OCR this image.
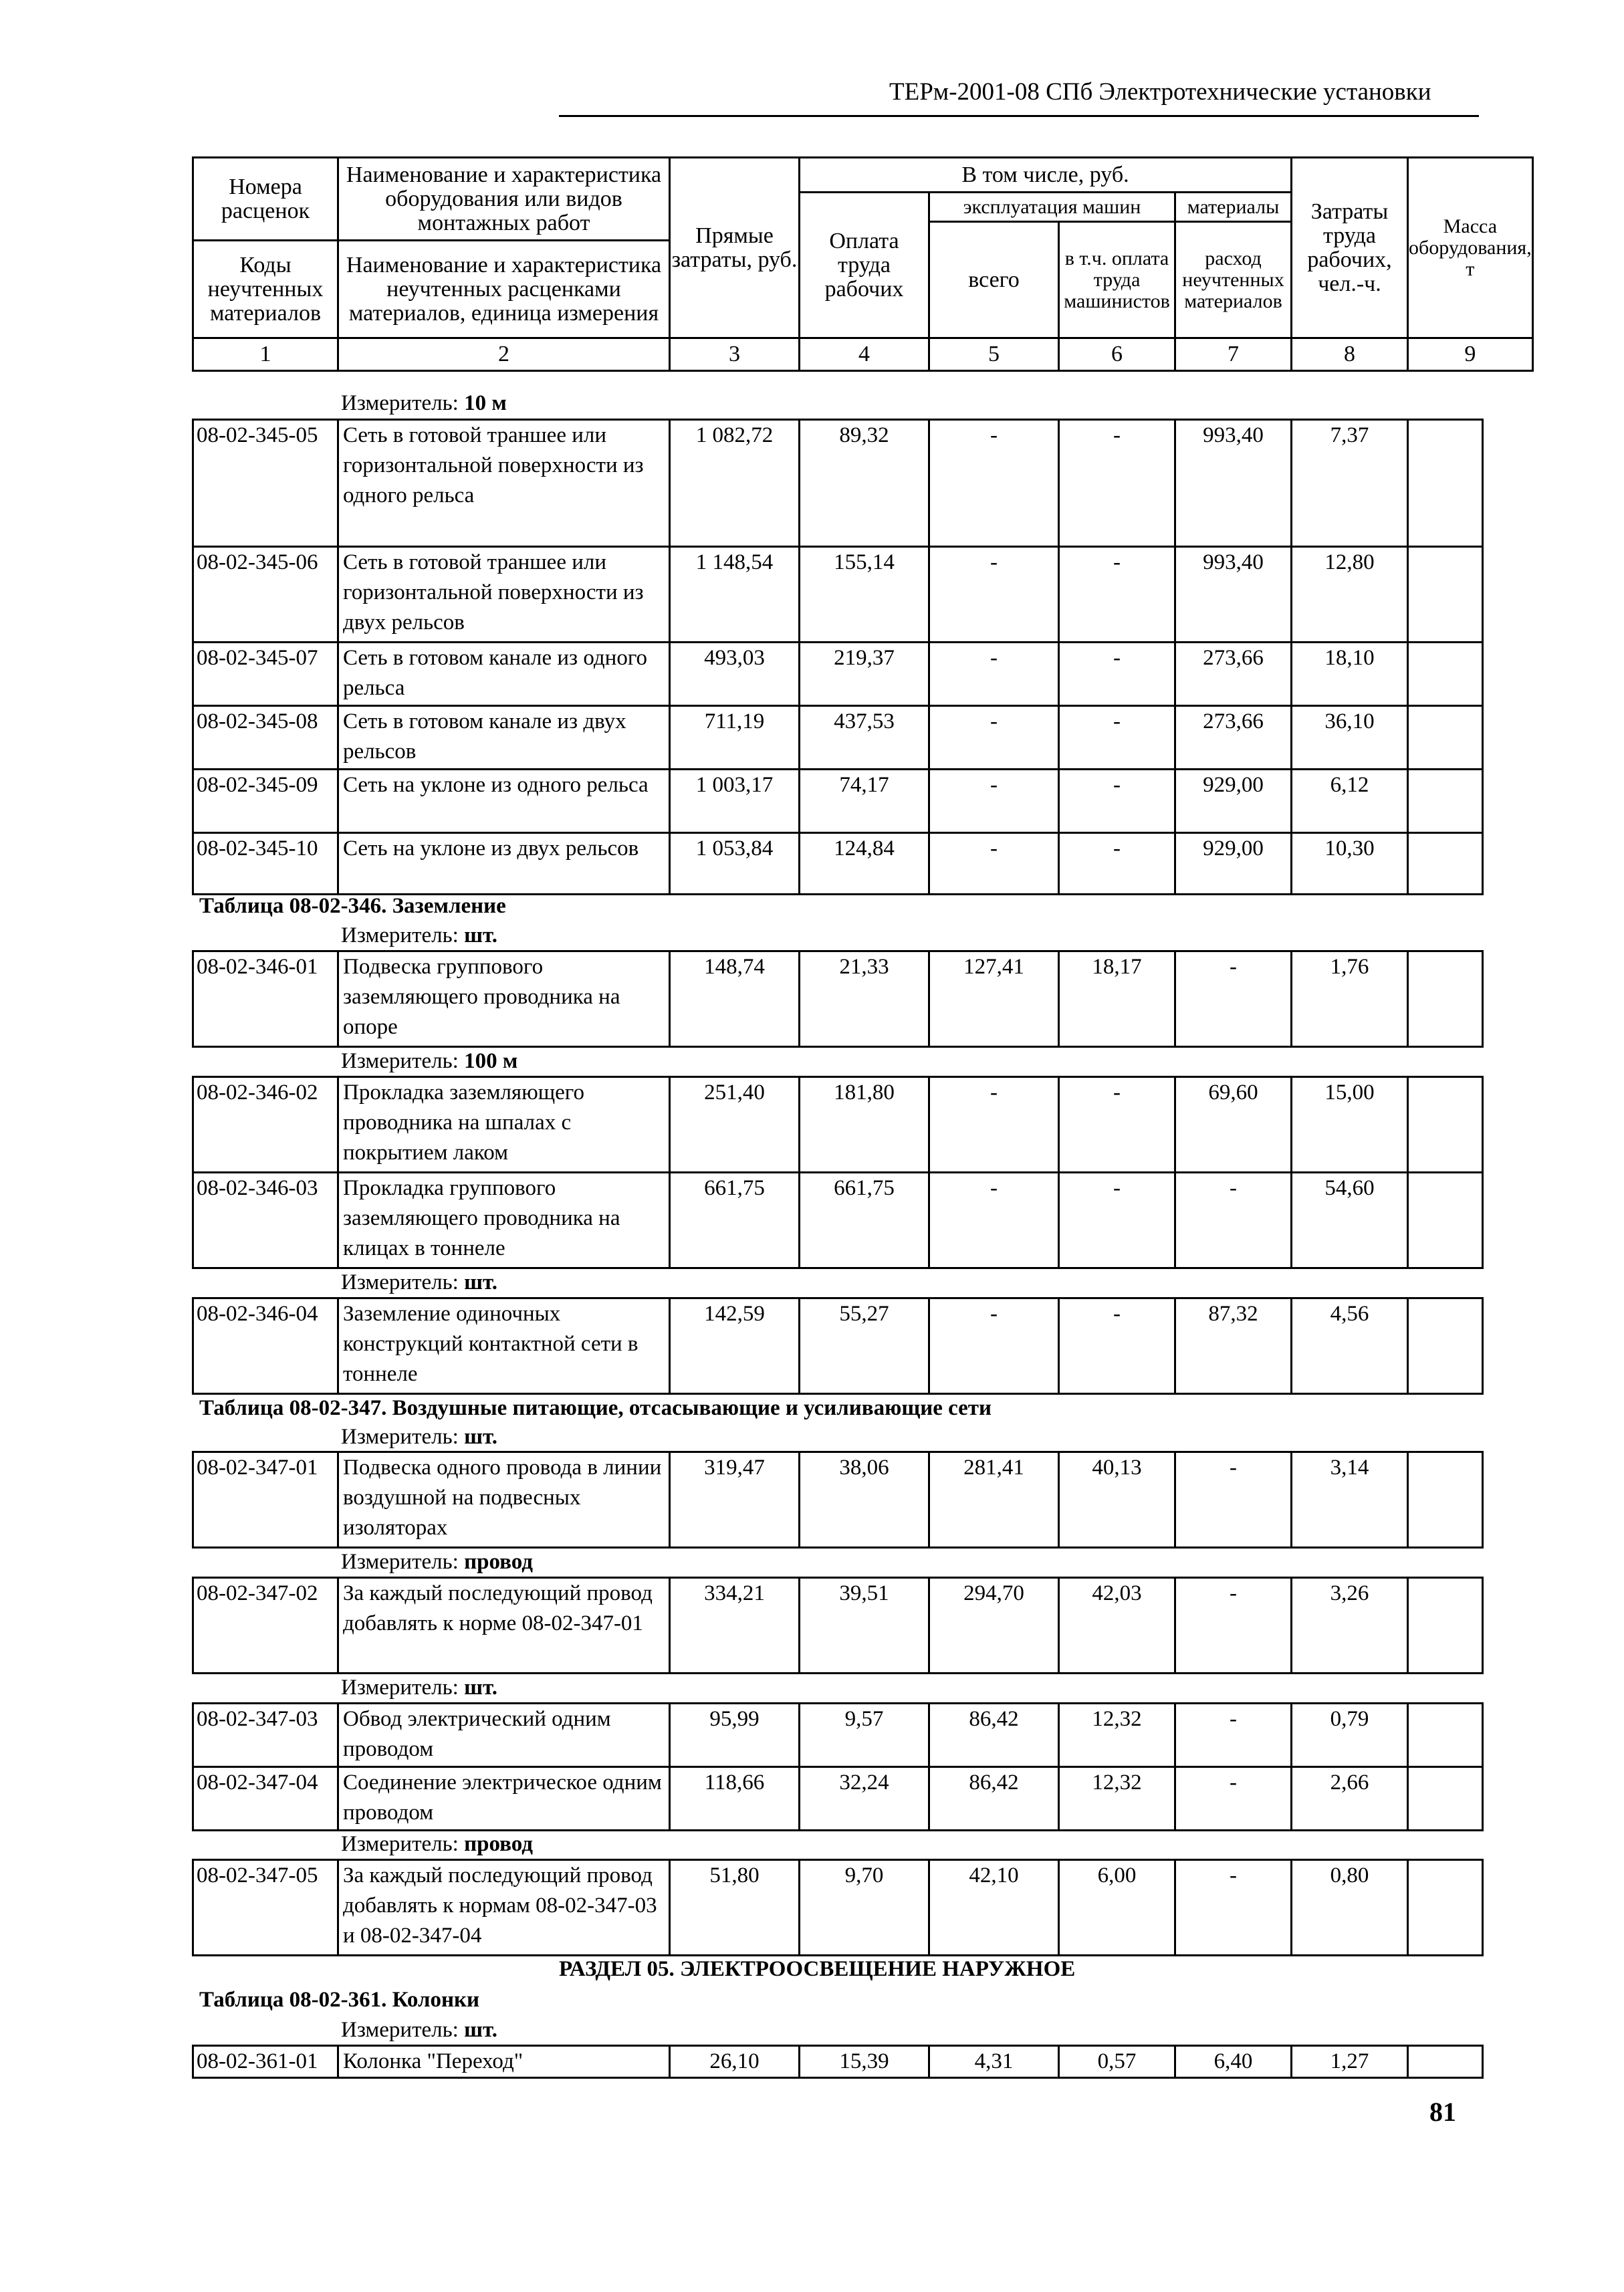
ТЕРм-2001-08 СПб Электротехнические установки
Номера расценок	Наименование и характеристика оборудования или видов монтажных работ	Прямые затраты, руб.	В том числе, руб.				Затраты труда рабочих, чел.-ч.	Масса оборудования, т
			Оплата труда рабочих	эксплуатация машин		материалы		
				всего	в т.ч. оплата труда машинистов	расход неучтенных материалов		
Коды неучтенных материалов	Наименование и характеристика неучтенных расценками материалов, единица измерения							

1	2	3	4	5	6	7	8	9
Измеритель: 10 м
08-02-345-05	Сеть в готовой траншее или горизонтальной поверхности из одного рельса	1 082,72	89,32	-	-	993,40	7,37	
08-02-345-06	Сеть в готовой траншее или горизонтальной поверхности из двух рельсов	1 148,54	155,14	-	-	993,40	12,80	
08-02-345-07	Сеть в готовом канале из одного рельса	493,03	219,37	-	-	273,66	18,10	
08-02-345-08	Сеть в готовом канале из двух рельсов	711,19	437,53	-	-	273,66	36,10	
08-02-345-09	Сеть на уклоне из одного рельса	1 003,17	74,17	-	-	929,00	6,12	
08-02-345-10	Сеть на уклоне из двух рельсов	1 053,84	124,84	-	-	929,00	10,30	
Таблица 08-02-346. Заземление
Измеритель: шт.
08-02-346-01	Подвеска группового заземляющего проводника на опоре	148,74	21,33	127,41	18,17	-	1,76	
Измеритель: 100 м
08-02-346-02	Прокладка заземляющего проводника на шпалах с покрытием лаком	251,40	181,80	-	-	69,60	15,00	
08-02-346-03	Прокладка группового заземляющего проводника на клицах в тоннеле	661,75	661,75	-	-	-	54,60	
Измеритель: шт.
08-02-346-04	Заземление одиночных конструкций контактной сети в тоннеле	142,59	55,27	-	-	87,32	4,56	
Таблица 08-02-347. Воздушные питающие, отсасывающие и усиливающие сети
Измеритель: шт.
08-02-347-01	Подвеска одного провода в линии воздушной на подвесных изоляторах	319,47	38,06	281,41	40,13	-	3,14	
Измеритель: провод
08-02-347-02	За каждый последующий провод добавлять к норме 08-02-347-01	334,21	39,51	294,70	42,03	-	3,26	
Измеритель: шт.
08-02-347-03	Обвод электрический одним проводом	95,99	9,57	86,42	12,32	-	0,79	
08-02-347-04	Соединение электрическое одним проводом	118,66	32,24	86,42	12,32	-	2,66	
Измеритель: провод
08-02-347-05	За каждый последующий провод добавлять к нормам 08-02-347-03 и 08-02-347-04	51,80	9,70	42,10	6,00	-	0,80	
РАЗДЕЛ 05. ЭЛЕКТРООСВЕЩЕНИЕ НАРУЖНОЕ
Таблица 08-02-361. Колонки
Измеритель: шт.
08-02-361-01	Колонка "Переход"	26,10	15,39	4,31	0,57	6,40	1,27	
81
